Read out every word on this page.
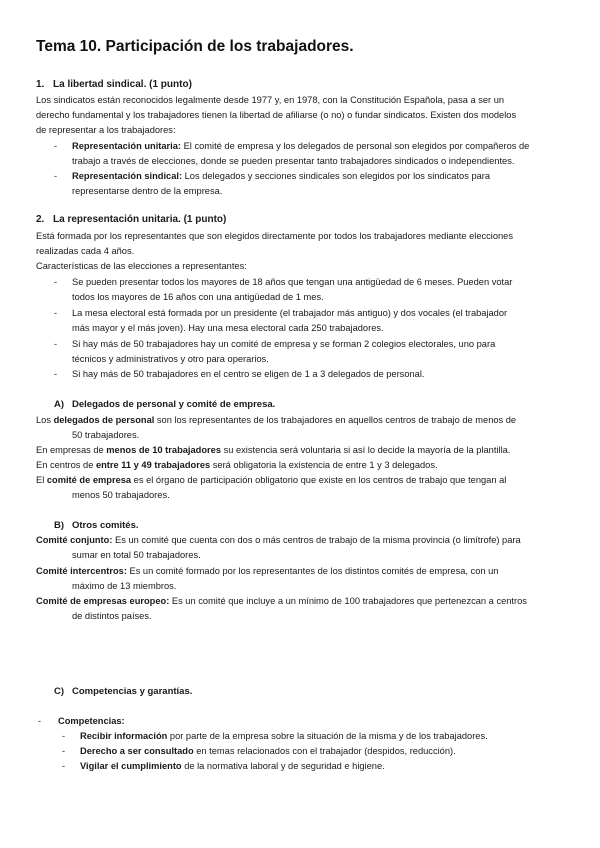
Tema 10. Participación de los trabajadores.
1. La libertad sindical. (1 punto)
Los sindicatos están reconocidos legalmente desde 1977 y, en 1978, con la Constitución Española, pasa a ser un
derecho fundamental y los trabajadores tienen la libertad de afiliarse (o no) o fundar sindicatos. Existen dos modelos
de representar a los trabajadores:
- Representación unitaria: El comité de empresa y los delegados de personal son elegidos por compañeros de
trabajo a través de elecciones, donde se pueden presentar tanto trabajadores sindicados o independientes.
- Representación sindical: Los delegados y secciones sindicales son elegidos por los sindicatos para
representarse dentro de la empresa.
2. La representación unitaria. (1 punto)
Está formada por los representantes que son elegidos directamente por todos los trabajadores mediante elecciones
realizadas cada 4 años.
Características de las elecciones a representantes:
- Se pueden presentar todos los mayores de 18 años que tengan una antigüedad de 6 meses. Pueden votar
todos los mayores de 16 años con una antigüedad de 1 mes.
- La mesa electoral está formada por un presidente (el trabajador más antiguo) y dos vocales (el trabajador
más mayor y el más joven). Hay una mesa electoral cada 250 trabajadores.
- Si hay más de 50 trabajadores hay un comité de empresa y se forman 2 colegios electorales, uno para
técnicos y administrativos y otro para operarios.
- Si hay más de 50 trabajadores en el centro se eligen de 1 a 3 delegados de personal.
A) Delegados de personal y comité de empresa.
Los delegados de personal son los representantes de los trabajadores en aquellos centros de trabajo de menos de
50 trabajadores.
En empresas de menos de 10 trabajadores su existencia será voluntaria si así lo decide la mayoría de la plantilla.
En centros de entre 11 y 49 trabajadores será obligatoria la existencia de entre 1 y 3 delegados.
El comité de empresa es el órgano de participación obligatorio que existe en los centros de trabajo que tengan al
menos 50 trabajadores.
B) Otros comités.
Comité conjunto: Es un comité que cuenta con dos o más centros de trabajo de la misma provincia (o limítrofe) para
sumar en total 50 trabajadores.
Comité intercentros: Es un comité formado por los representantes de los distintos comités de empresa, con un
máximo de 13 miembros.
Comité de empresas europeo: Es un comité que incluye a un mínimo de 100 trabajadores que pertenezcan a centros
de distintos países.
C) Competencias y garantías.
- Competencias:
- Recibir información por parte de la empresa sobre la situación de la misma y de los trabajadores.
- Derecho a ser consultado en temas relacionados con el trabajador (despidos, reducción).
- Vigilar el cumplimiento de la normativa laboral y de seguridad e higiene.
